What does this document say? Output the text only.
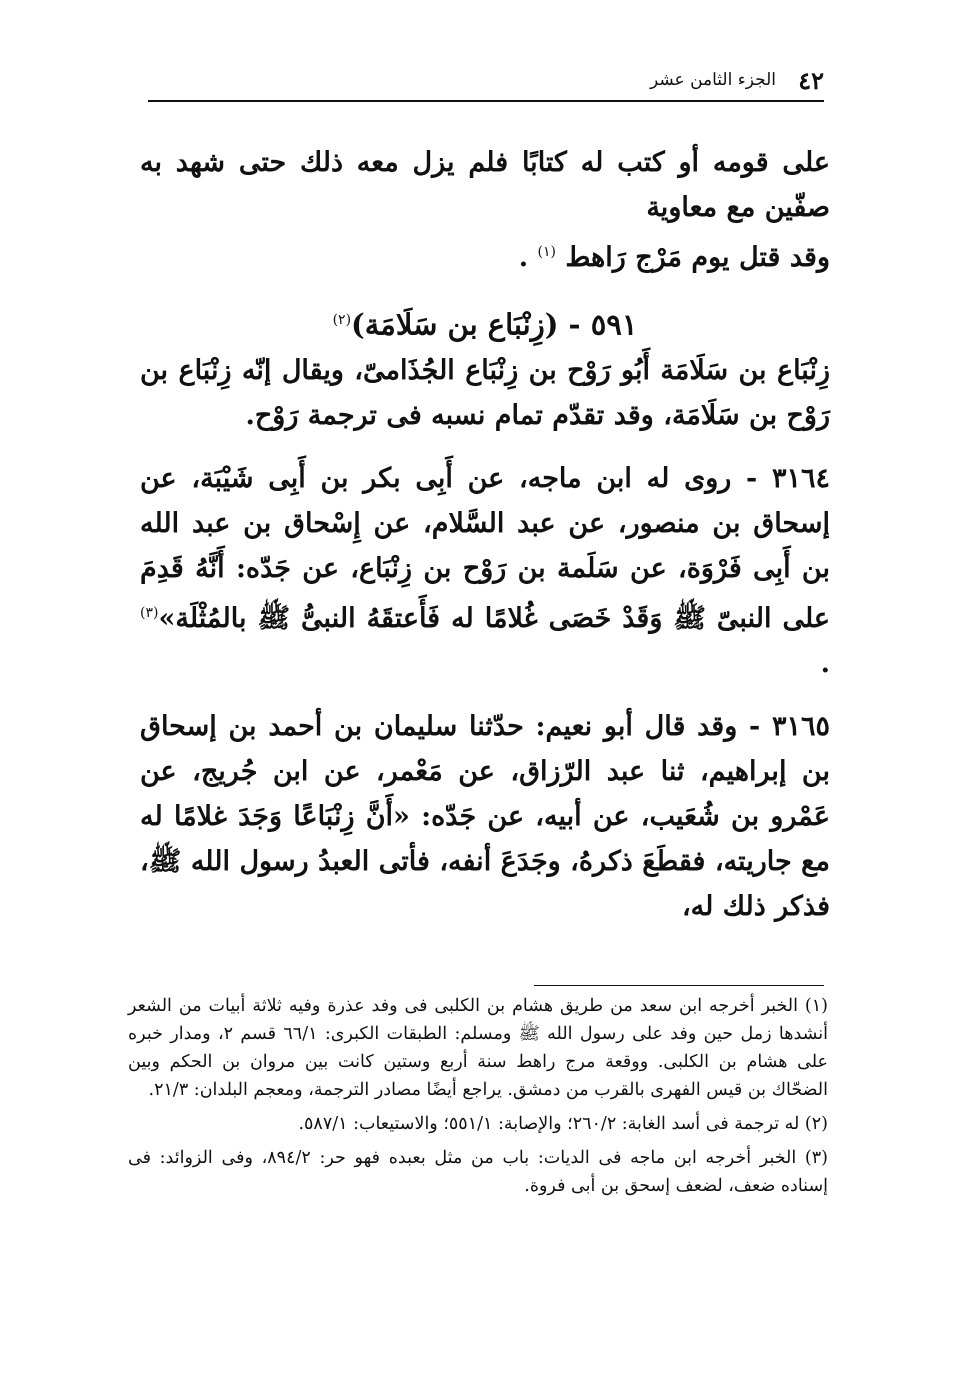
٤٢
الجزء الثامن عشر

على قومه أو كتب له كتابًا فلم يزل معه ذلك حتى شهد به صفّين مع معاوية

وقد قتل يوم مَرْج رَاهط $^{(١)}$ .

٥٩١ - (زِنْبَاع بن سَلَامَة)$^{(٢)}$

زِنْبَاع بن سَلَامَة أَبُو رَوْح بن زِنْبَاع الجُذَامىّ، ويقال إنّه زِنْبَاع بن رَوْح بن سَلَامَة، وقد تقدّم تمام نسبه فى ترجمة رَوْح.

٣١٦٤ - روى له ابن ماجه، عن أَبِى بكر بن أَبِى شَيْبَة، عن إسحاق بن منصور، عن عبد السَّلام، عن إِسْحاق بن عبد الله بن أَبِى فَرْوَة، عن سَلَمة بن رَوْح بن زِنْبَاع، عن جَدّه: أَنَّهُ قَدِمَ على النبىّ ﷺ وَقَدْ خَصَى غُلامًا له فَأَعتقَهُ النبىُّ ﷺ بالمُثْلَة»$^{(٣)}$ .

٣١٦٥ - وقد قال أبو نعيم: حدّثنا سليمان بن أحمد بن إسحاق بن إبراهيم، ثنا عبد الرّزاق، عن مَعْمر، عن ابن جُريج، عن عَمْرو بن شُعَيب، عن أبيه، عن جَدّه: «أَنَّ زِنْبَاعًا وَجَدَ غلامًا له مع جاريته، فقطَعَ ذكرهُ، وجَدَعَ أنفه، فأتى العبدُ رسول الله ﷺ، فذكر ذلك له،

(١) الخبر أخرجه ابن سعد من طريق هشام بن الكلبى فى وفد عذرة وفيه ثلاثة أبيات من الشعر أنشدها زمل حين وفد على رسول الله ﷺ ومسلم: الطبقات الكبرى: ٦٦/١ قسم ٢، ومدار خبره على هشام بن الكلبى. ووقعة مرج راهط سنة أربع وستين كانت بين مروان بن الحكم وبين الضحّاك بن قيس الفهرى بالقرب من دمشق. يراجع أيضًا مصادر الترجمة، ومعجم البلدان: ٢١/٣.

(٢) له ترجمة فى أسد الغابة: ٢٦٠/٢؛ والإصابة: ٥٥١/١؛ والاستيعاب: ٥٨٧/١.

(٣) الخبر أخرجه ابن ماجه فى الديات: باب من مثل بعبده فهو حر: ٨٩٤/٢، وفى الزوائد: فى إسناده ضعف، لضعف إسحق بن أبى فروة.
